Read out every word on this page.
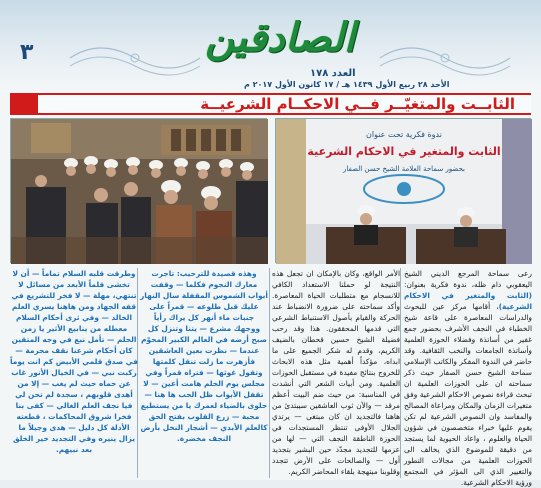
٣	الصادقين
العدد ١٧٨
الأحد ٢٨ ربيع الأول ١٤٣٩ هـ / ١٧ كانون الأول ٢٠١٧ م
الثابــت والمتغيّــر فــي الاحكــام الشرعيــة
ندوة فكرية تحت عنوان
الثابت والمتغير في الاحكام الشرعية
بحضور سماحة العلامة الشيخ حسن الصفار
رعى سماحة المرجع الديني الشيخ اليعقوبي دام ظله، ندوة فكرية بعنوان: (الثابت والمتغير في الاحكام الشرعية)، أقامها مركز عين للبحوث والدراسات المعاصرة على قاعة شيخ الخطباء في النجف الأشرف بحضور جمع غفير من أساتذة وفضلاء الحوزة العلمية وأساتذة الجامعات والنخب الثقافية. وقد حاضر في الندوة المفكر والكاتب الإسلامي سماحة الشيخ حسن الصفار حيث ذكر سماحته ان على الحوزات العلمية ان تبحث قراءة نصوص الاحكام الشرعية وفق متغيرات الزمان والمكان ومراعاة المصالح والمفاسد وان النصوص الشرعية لم تكن يقوم عليها خبراء متخصصون في شؤون الحياة والعلوم ، واعاد الحيوية لما يستجد من دقيقة للموضوع الذي يخالف الى الحوزات العلمية من مجالات التطور والتغيير الذي الى المؤثر في المجتمع ورؤية الاحكام الشرعية.
الأمر الواقع، وكان بالإمكان ان تجعل هذه النتيجة لو حملنا الاستعداد الكافي للانسجام مع متطلبات الحياة المعاصرة. وأكد سماحته على ضرورة الانضباط عند الحركة والقيام بأصول الاستنباط الشرعي التي قدمها المحققون. هذا وقد رحب فضيلة الشيخ حسين قحطان بالضيف الكريم، وقدم له شكر الجميع على ما ابداه، مؤكداً أهمية مثل هذه الابحاث للخروج بنتائج مفيدة في مستقبل الحوزات العلمية. ومن أبيات الشعر التي أنشدت في المناسبة: من حيث ضم البيت أعظم مرقد — والآن ثوب العاشقين سيبتدئ من هاهنا فالتجديد ان كان مبتغى — يرتدي الجلال الأوفى تنتظر المستجدات في الحوزة الناطقة النجف التي — لها من عزمها للتجديد مجدّد حين البشير بتجديد أول — والصالحات على الأرض تتجدد وقلوبنا مبتهجة بلقاء المحاضر الكريم.
وهذه قصيدة للترحيب: تاجرت معارك النجوم فكلما — وقفت أبواب الشموس المقفلة سال النهار عليك قبل طلوعه — قمراً على جنبات ماء أنهر كل يراك رأياً ووجهك مشرع — يتنا وتنزل كل صبح أرضه في العالم الكبير المحوّم عندما — نظرت بعين العاشقين فأزهرت ما زلت تنقل كلمتها وتقول غوثها — فتراه قمراً وفي مجلس يوم الحلم هامت أعين — لا تقفل الأبواب ظل الحب ها هنا — حلوى بالضياء لعمرك يا من يستطيع محبة — زرع القلوب بفتح الحق كالعلم الأبدي — أشجار النخل بأرض النجف مخضرة.
وطرقت قلبه السلام تماماً — أن لا تخشى قلماً الأبعد من مسائل لا تنتهي، مهلة — لا فخر للتشريع في قفه الجهاد ومن هاهنا يسري العلم الخالد — وفي ثرى أحكام السلام معطله من ينابيع الأثير يا زمن الحلم — تأمل نبع في وجه المتقين كان أحكام شرعنا نقف محرمة — في صدق قلمي الأبيض كم انت يوماً ركبت نبي — في الخيال الأنور غاب عن حماه حيث لم يغب — إلا من أهدى قلوبهم ، سجدة لم تحن لي فيا نجف العلم الغالي — كفى بنا فخرا شروق المحاكمات ، قطعته الأدلة كل دليل — هدى وجيلاً ما يزال ينيره وفي التجديد خير الخلق بعد نبيهم.
